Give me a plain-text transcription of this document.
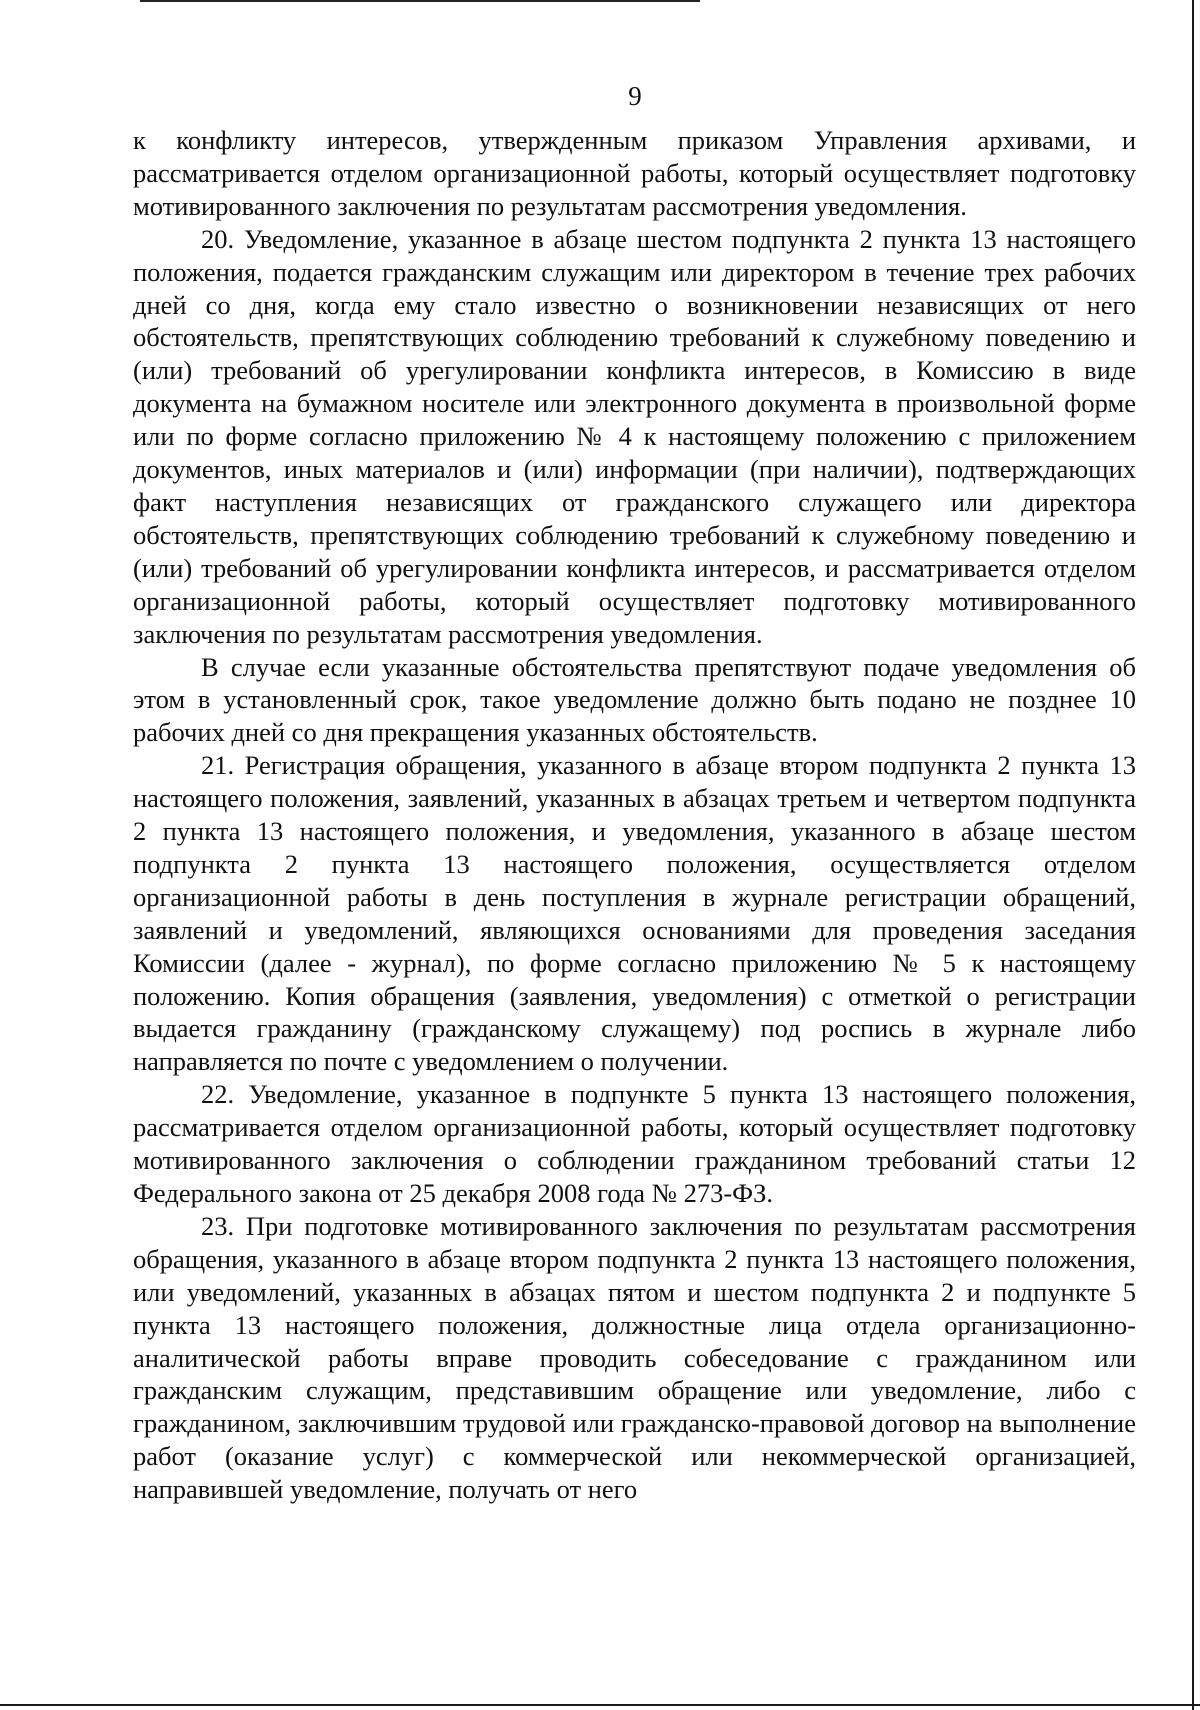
9

к конфликту интересов, утвержденным приказом Управления архивами, и рассматривается отделом организационной работы, который осуществляет подготовку мотивированного заключения по результатам рассмотрения уведомления.

20. Уведомление, указанное в абзаце шестом подпункта 2 пункта 13 настоящего положения, подается гражданским служащим или директором в течение трех рабочих дней со дня, когда ему стало известно о возникновении независящих от него обстоятельств, препятствующих соблюдению требований к служебному поведению и (или) требований об урегулировании конфликта интересов, в Комиссию в виде документа на бумажном носителе или электронного документа в произвольной форме или по форме согласно приложению № 4 к настоящему положению с приложением документов, иных материалов и (или) информации (при наличии), подтверждающих факт наступления независящих от гражданского служащего или директора обстоятельств, препятствующих соблюдению требований к служебному поведению и (или) требований об урегулировании конфликта интересов, и рассматривается отделом организационной работы, который осуществляет подготовку мотивированного заключения по результатам рассмотрения уведомления.

В случае если указанные обстоятельства препятствуют подаче уведомления об этом в установленный срок, такое уведомление должно быть подано не позднее 10 рабочих дней со дня прекращения указанных обстоятельств.

21. Регистрация обращения, указанного в абзаце втором подпункта 2 пункта 13 настоящего положения, заявлений, указанных в абзацах третьем и четвертом подпункта 2 пункта 13 настоящего положения, и уведомления, указанного в абзаце шестом подпункта 2 пункта 13 настоящего положения, осуществляется отделом организационной работы в день поступления в журнале регистрации обращений, заявлений и уведомлений, являющихся основаниями для проведения заседания Комиссии (далее - журнал), по форме согласно приложению № 5 к настоящему положению. Копия обращения (заявления, уведомления) с отметкой о регистрации выдается гражданину (гражданскому служащему) под роспись в журнале либо направляется по почте с уведомлением о получении.

22. Уведомление, указанное в подпункте 5 пункта 13 настоящего положения, рассматривается отделом организационной работы, который осуществляет подготовку мотивированного заключения о соблюдении гражданином требований статьи 12 Федерального закона от 25 декабря 2008 года № 273-ФЗ.

23. При подготовке мотивированного заключения по результатам рассмотрения обращения, указанного в абзаце втором подпункта 2 пункта 13 настоящего положения, или уведомлений, указанных в абзацах пятом и шестом подпункта 2 и подпункте 5 пункта 13 настоящего положения, должностные лица отдела организационно-аналитической работы вправе проводить собеседование с гражданином или гражданским служащим, представившим обращение или уведомление, либо с гражданином, заключившим трудовой или гражданско-правовой договор на выполнение работ (оказание услуг) с коммерческой или некоммерческой организацией, направившей уведомление, получать от него
